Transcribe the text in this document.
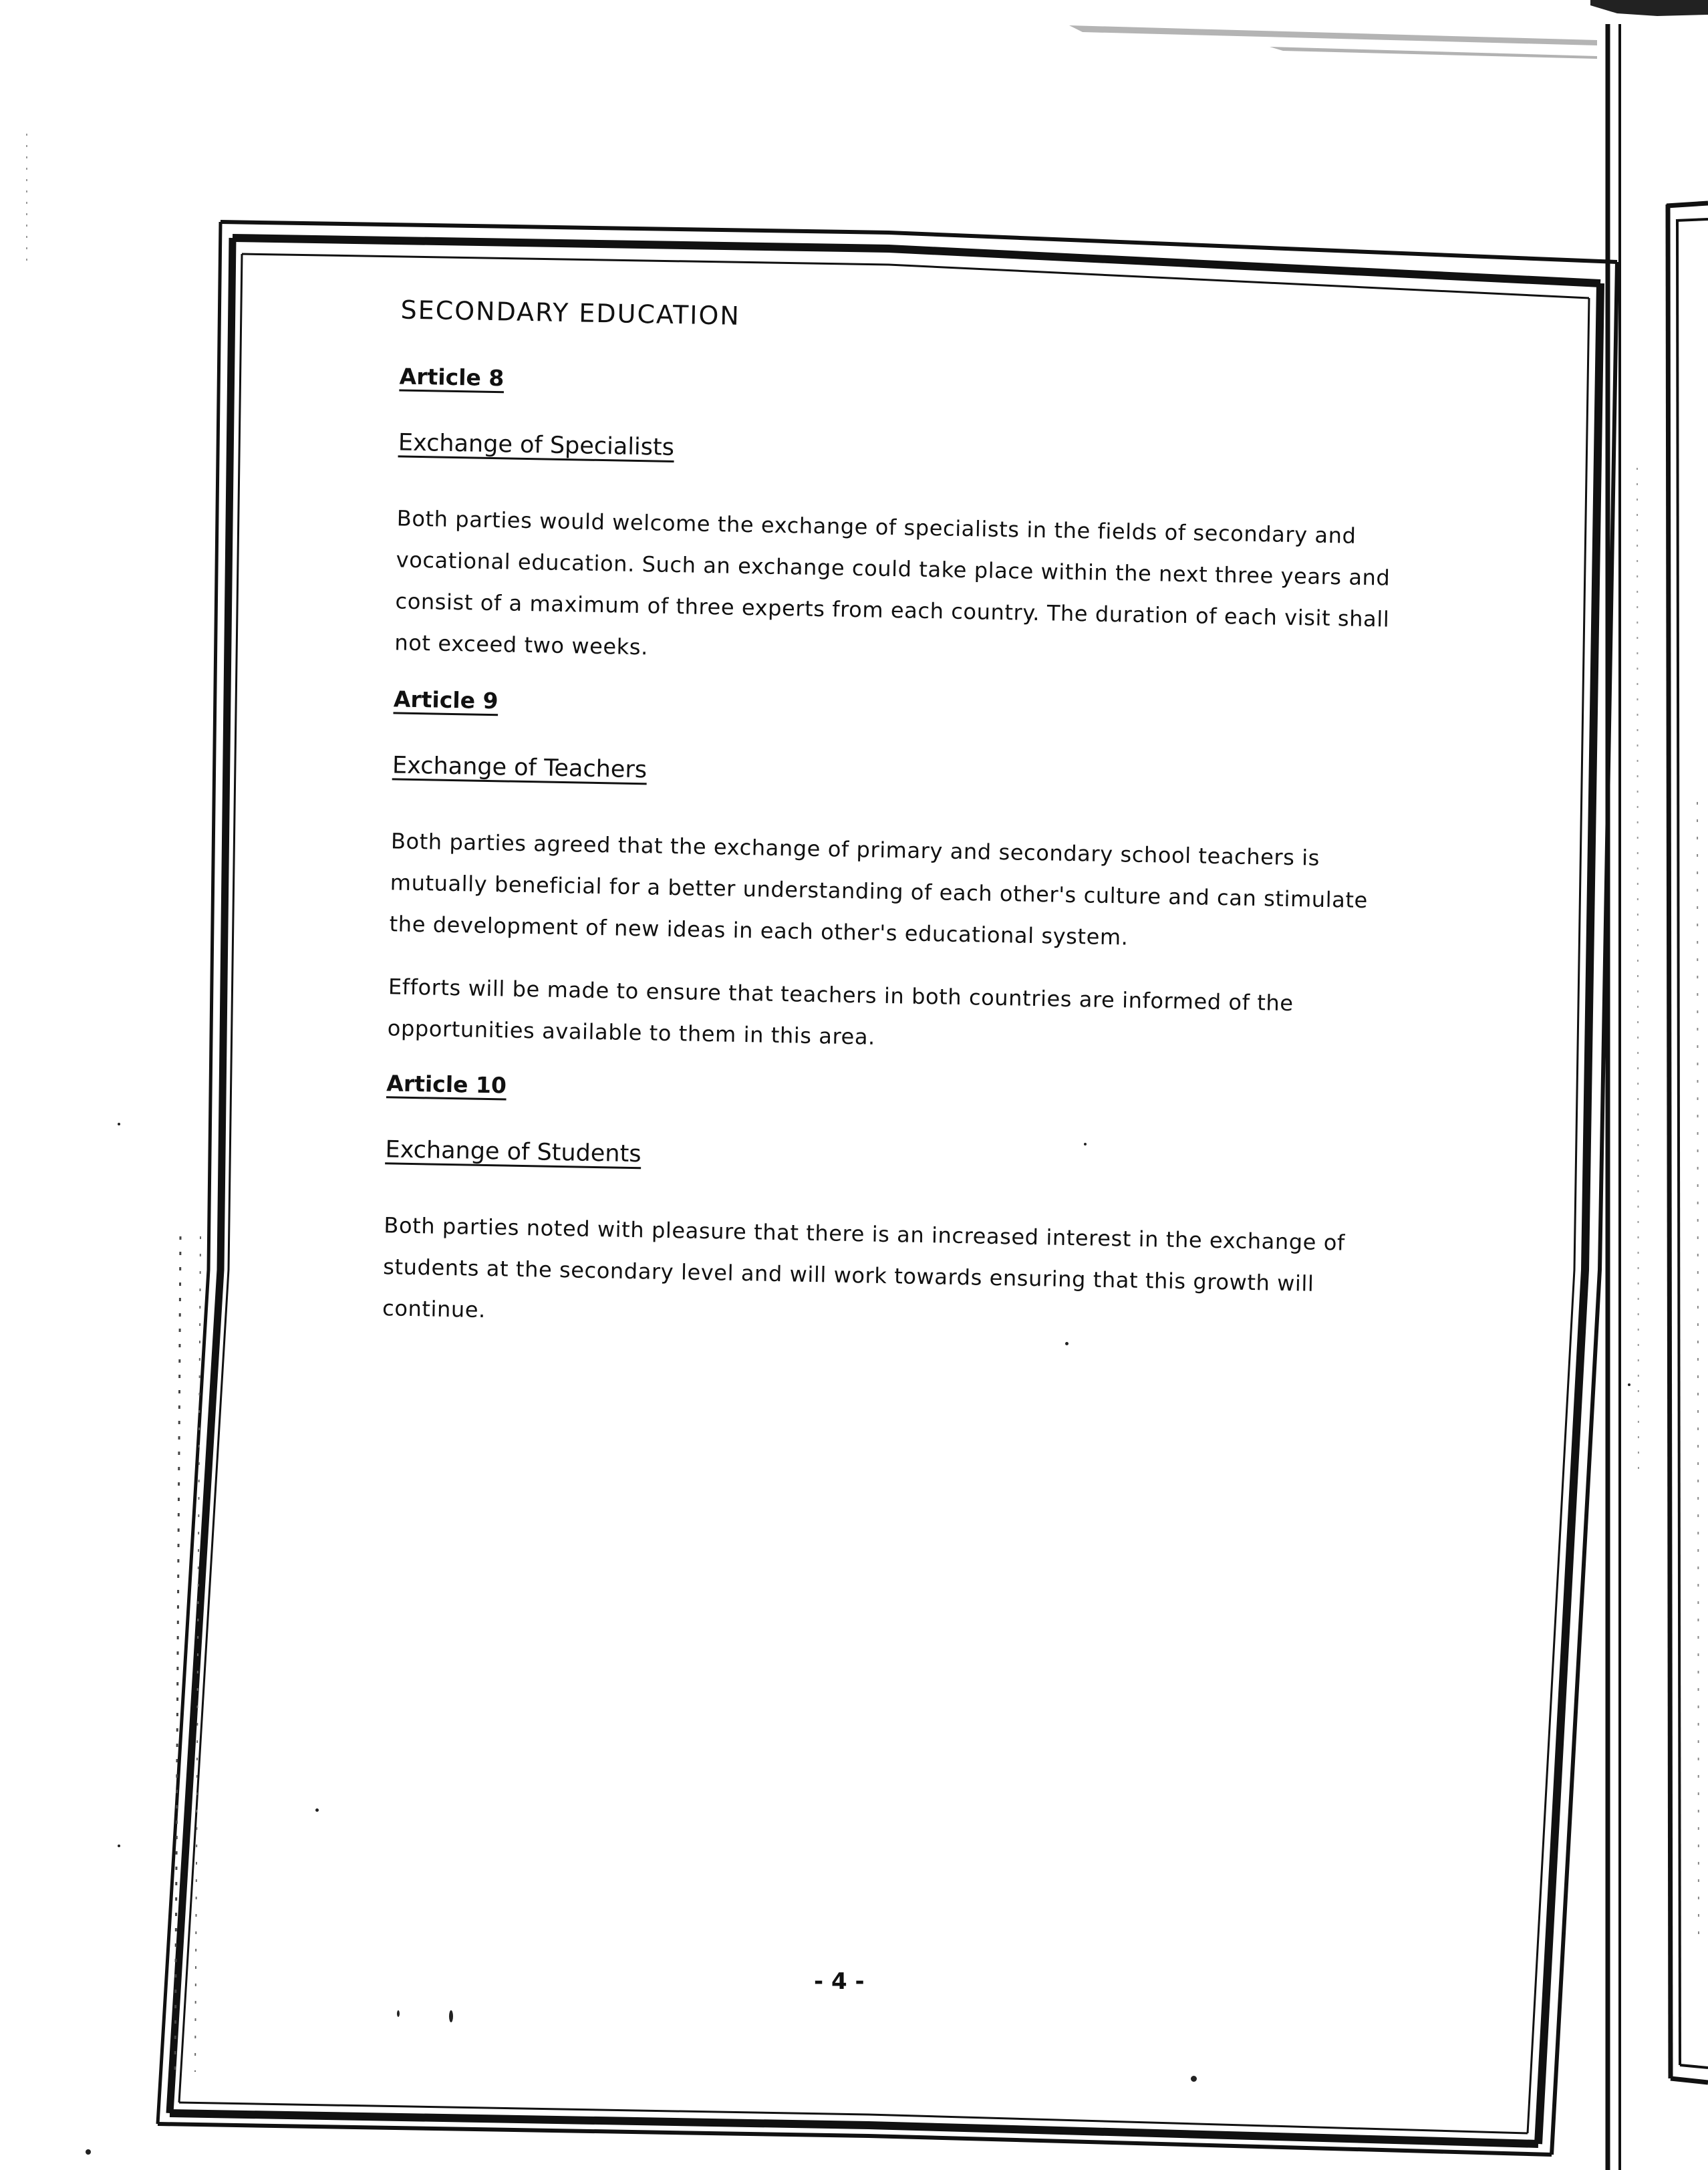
SECONDARY EDUCATION
Article 8
Exchange of Specialists

Both parties would welcome the exchange of specialists in the fields of secondary and vocational education. Such an exchange could take place within the next three years and consist of a maximum of three experts from each country. The duration of each visit shall not exceed two weeks.

Article 9
Exchange of Teachers

Both parties agreed that the exchange of primary and secondary school teachers is mutually beneficial for a better understanding of each other's culture and can stimulate the development of new ideas in each other's educational system.

Efforts will be made to ensure that teachers in both countries are informed of the opportunities available to them in this area.

Article 10
Exchange of Students

Both parties noted with pleasure that there is an increased interest in the exchange of students at the secondary level and will work towards ensuring that this growth will continue.

- 4 -
